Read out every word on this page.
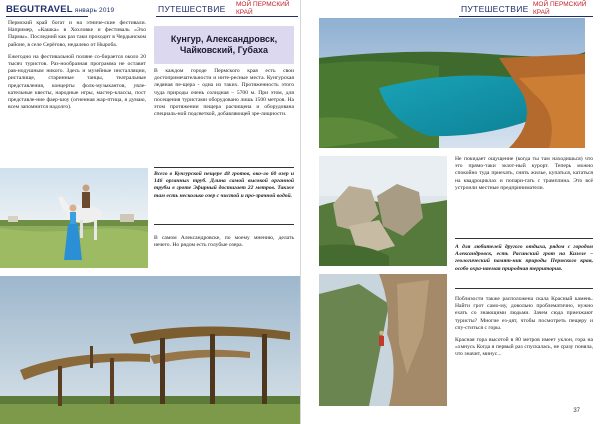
BEGUTRAVEL январь 2019	ПУТЕШЕСТВИЕ МОЙ ПЕРМСКИЙ КРАЙ

Пермский край богат и на этниче-ские фестивали. Например, «Кашка» в Хохловке и фестиваль «Эхо Пармы». Последний как раз таки проходит в Чердынском районе, в селе Серёгово, недалеко от Ныроба.

Ежегодно на фестивальной поляне со-бирается около 20 тысяч туристов. Раз-нообразная программа не оставит рав-нодушным никого. Здесь и музейные инсталляции, ристалище, старинные танцы, театральные представления, концерты фолк-музыкантов, увле-кательные квесты, народные игры, мастер-классы, пост представле-ние фаер-шоу (огненная жар-птица, я думаю, всем запомнится надолго).

Кунгур, Александровск, Чайковский, Губаха

В каждом городе Пермского края есть свои достопримечательности и инте-ресные места. Кунгурская ледяная пе-щера - одна из таких. Протяженность этого чуда природы очень солидная – 5700 м. При этом, для посещения туристами оборудовано лишь 1500 метров. На этом протяжении пещера расчищена и оборудована специаль-ной подсветкой, добавляющей зре-лищности.

Всего в Кунгурской пещере 48 гротов, око-ло 60 озер и 146 органных труб. Длина самой высокой органной трубы в гроте Эфирный достигает 22 метров. Также там есть несколько озер с чистой и про-зрачной водой.

В самом Александровске, по моему мнению, делать нечего. Но рядом есть голубые озера.

ПУТЕШЕСТВИЕ МОЙ ПЕРМСКИЙ КРАЙ

Не покидает ощущение (когда ты там находишься) что это прямо-таки экзот-ный курорт. Теперь можно спокойно туда приехать, снять жилье, купаться, кататься на квадроциклах и попари-гать с трамплина. Это всё устроили местные предприниматели.

А для любителей другого отдыха, рядом с городом Александровск, есть Расинский грот на Кизеле – геологический памят-ник природы Пермского края, особо охра-няемая природная территория.

Поблизости также расположена скала Красный камень. Найти грот само-му, довольно проблематично, нужно ехать со знающими людьми. Зачем сюда приезжают туристы? Многие ез-дят, чтобы посмотреть пещеру и спу-ститься с горы.

Красная гора высотой в 80 метров имеет уклон, гора на «хмнусь Когда я первый раз спускалась, не сразу поняла, что значит, минус...

37
